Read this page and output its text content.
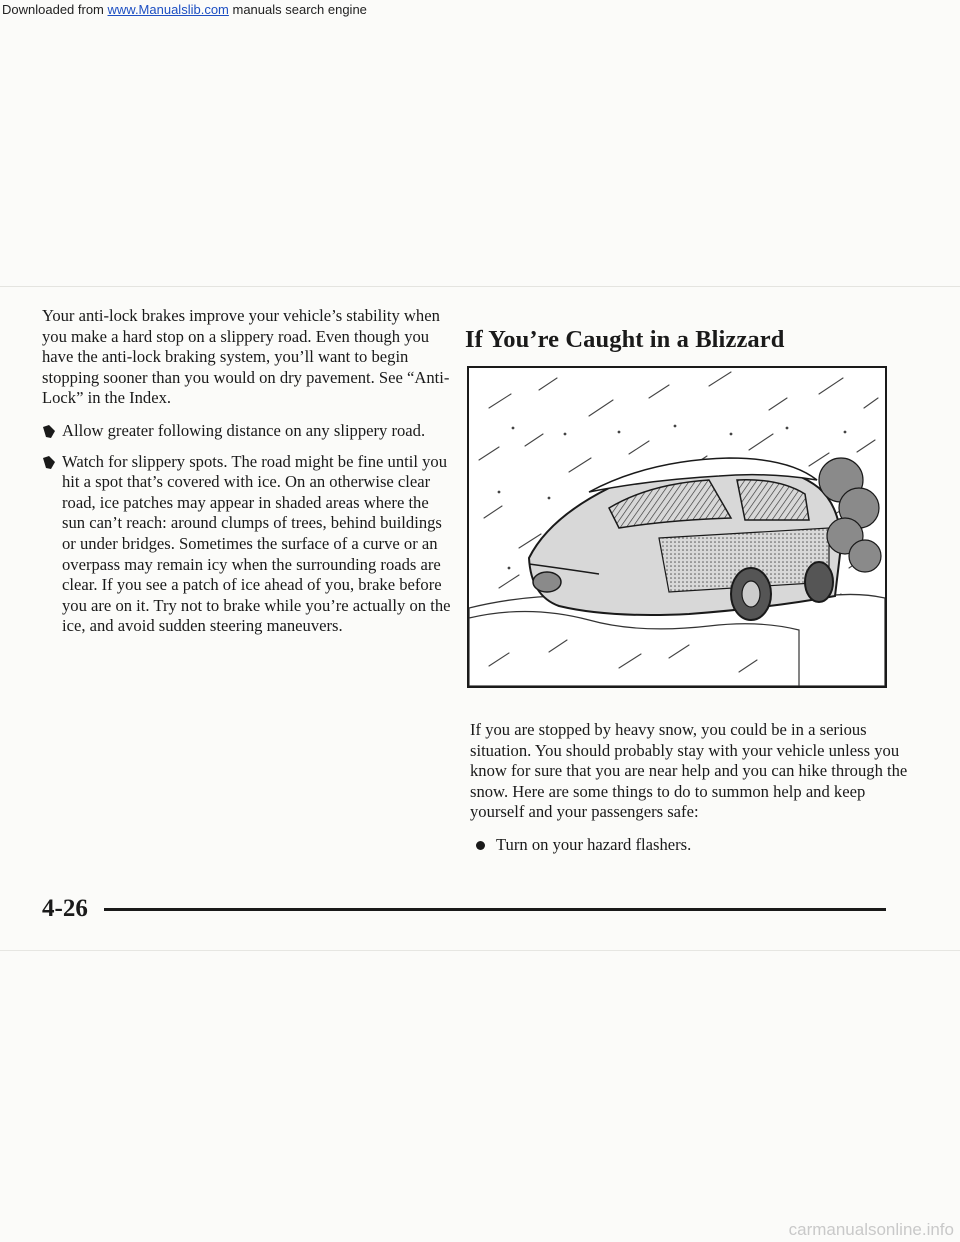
Downloaded from www.Manualslib.com manuals search engine

Your anti-lock brakes improve your vehicle’s stability when you make a hard stop on a slippery road. Even though you have the anti-lock braking system, you’ll want to begin stopping sooner than you would on dry pavement. See “Anti-Lock” in the Index.

Allow greater following distance on any slippery road.
Watch for slippery spots. The road might be fine until you hit a spot that’s covered with ice. On an otherwise clear road, ice patches may appear in shaded areas where the sun can’t reach: around clumps of trees, behind buildings or under bridges. Sometimes the surface of a curve or an overpass may remain icy when the surrounding roads are clear. If you see a patch of ice ahead of you, brake before you are on it. Try not to brake while you’re actually on the ice, and avoid sudden steering maneuvers.
If You’re Caught in a Blizzard

If you are stopped by heavy snow, you could be in a serious situation. You should probably stay with your vehicle unless you know for sure that you are near help and you can hike through the snow. Here are some things to do to summon help and keep yourself and your passengers safe:

Turn on your hazard flashers.
4-26
carmanualsonline.info
